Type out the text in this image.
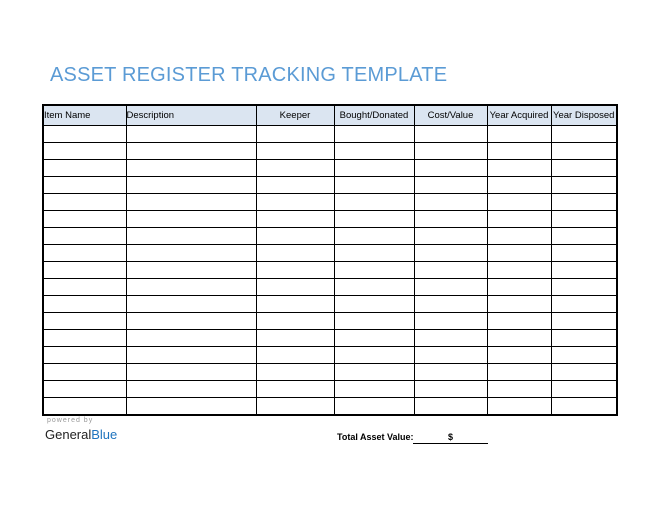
ASSET REGISTER TRACKING TEMPLATE
Item Name	Description	Keeper	Bought/Donated	Cost/Value	Year Acquired	Year Disposed

powered by
GeneralBlue	Total Asset Value:	$
